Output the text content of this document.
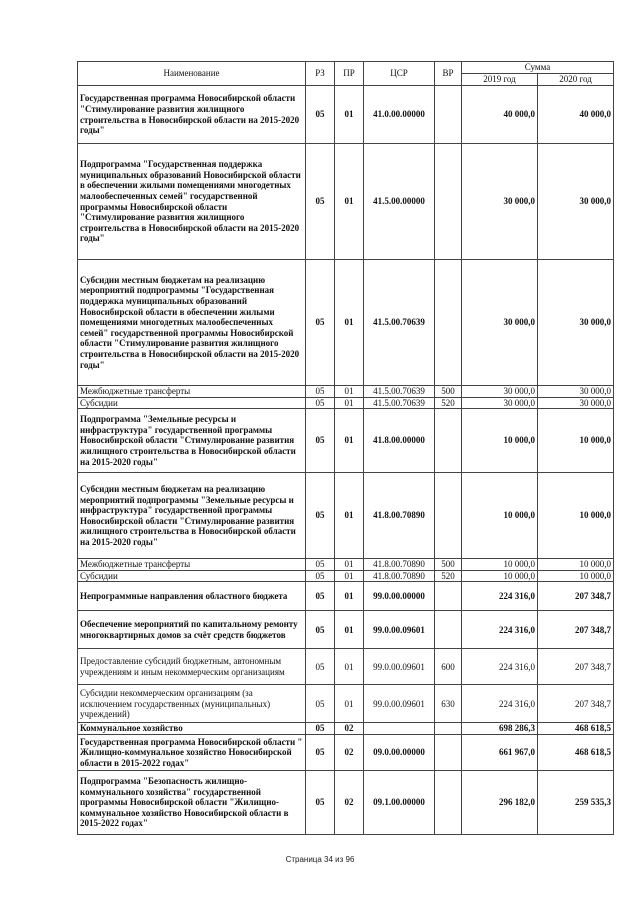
Наименование	РЗ	ПР	ЦСР	ВР	Сумма	
					2019 год	2020 год
Государственная программа Новосибирской области "Стимулирование развития жилищного строительства в Новосибирской области на 2015-2020 годы"	05	01	41.0.00.00000		40 000,0	40 000,0
Подпрограмма "Государственная поддержка муниципальных образований Новосибирской области в обеспечении жилыми помещениями многодетных малообеспеченных семей" государственной программы Новосибирской области "Стимулирование развития жилищного строительства в Новосибирской области на 2015-2020 годы"	05	01	41.5.00.00000		30 000,0	30 000,0
Субсидии местным бюджетам на реализацию мероприятий подпрограммы "Государственная поддержка муниципальных образований Новосибирской области в обеспечении жилыми помещениями многодетных малообеспеченных семей" государственной программы Новосибирской области "Стимулирование развития жилищного строительства в Новосибирской области на 2015-2020 годы"	05	01	41.5.00.70639		30 000,0	30 000,0
Межбюджетные трансферты	05	01	41.5.00.70639	500	30 000,0	30 000,0
Субсидии	05	01	41.5.00.70639	520	30 000,0	30 000,0
Подпрограмма "Земельные ресурсы и инфраструктура" государственной программы Новосибирской области "Стимулирование развития жилищного строительства в Новосибирской области на 2015-2020 годы"	05	01	41.8.00.00000		10 000,0	10 000,0
Субсидии местным бюджетам на реализацию мероприятий подпрограммы "Земельные ресурсы и инфраструктура" государственной программы Новосибирской области "Стимулирование развития жилищного строительства в Новосибирской области на 2015-2020 годы"	05	01	41.8.00.70890		10 000,0	10 000,0
Межбюджетные трансферты	05	01	41.8.00.70890	500	10 000,0	10 000,0
Субсидии	05	01	41.8.00.70890	520	10 000,0	10 000,0
Непрограммные направления областного бюджета	05	01	99.0.00.00000		224 316,0	207 348,7
Обеспечение мероприятий по капитальному ремонту многоквартирных домов за счёт средств бюджетов	05	01	99.0.00.09601		224 316,0	207 348,7
Предоставление субсидий бюджетным, автономным учреждениям и иным некоммерческим организациям	05	01	99.0.00.09601	600	224 316,0	207 348,7
Субсидии некоммерческим организациям (за исключением государственных (муниципальных) учреждений)	05	01	99.0.00.09601	630	224 316,0	207 348,7
Коммунальное хозяйство	05	02			698 286,3	468 618,5
Государственная программа Новосибирской области " Жилищно-коммунальное хозяйство Новосибирской области в 2015-2022 годах"	05	02	09.0.00.00000		661 967,0	468 618,5
Подпрограмма "Безопасность жилищно-коммунального хозяйства" государственной программы Новосибирской области "Жилищно-коммунальное хозяйство Новосибирской области в 2015-2022 годах"	05	02	09.1.00.00000		296 182,0	259 535,3
Страница 34 из 96
